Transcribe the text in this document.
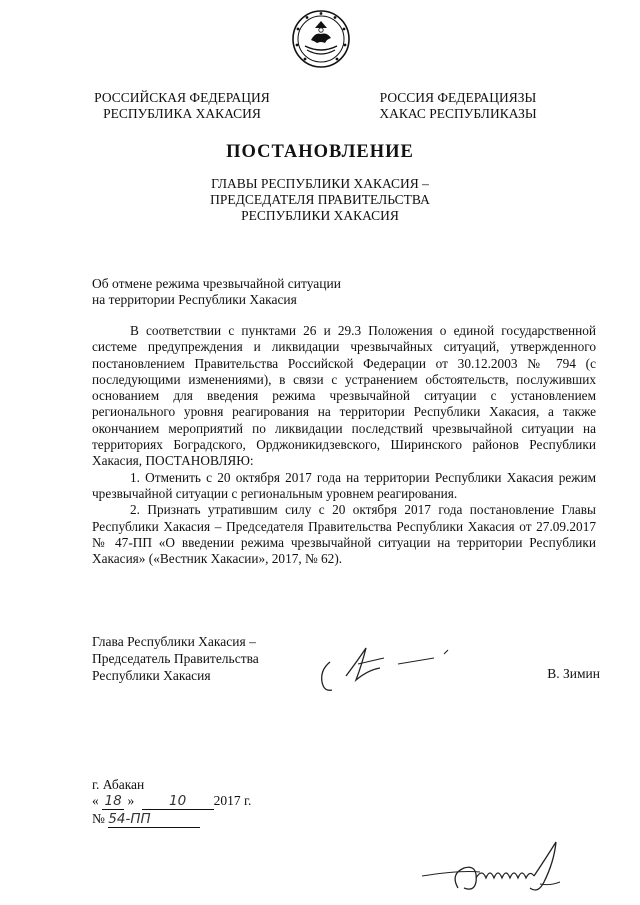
РОССИЙСКАЯ ФЕДЕРАЦИЯ
РЕСПУБЛИКА ХАКАСИЯ
РОССИЯ ФЕДЕРАЦИЯЗЫ
ХАКАС РЕСПУБЛИКАЗЫ
ПОСТАНОВЛЕНИЕ
ГЛАВЫ РЕСПУБЛИКИ ХАКАСИЯ –
ПРЕДСЕДАТЕЛЯ ПРАВИТЕЛЬСТВА
РЕСПУБЛИКИ ХАКАСИЯ
Об отмене режима чрезвычайной ситуации
на территории Республики Хакасия

В соответствии с пунктами 26 и 29.3 Положения о единой государственной системе предупреждения и ликвидации чрезвычайных ситуаций, утвержденного постановлением Правительства Российской Федерации от 30.12.2003 № 794 (с последующими изменениями), в связи с устранением обстоятельств, послуживших основанием для введения режима чрезвычайной ситуации с установлением регионального уровня реагирования на территории Республики Хакасия, а также окончанием мероприятий по ликвидации последствий чрезвычайной ситуации на территориях Боградского, Орджоникидзевского, Ширинского районов Республики Хакасия, ПОСТАНОВЛЯЮ:

1. Отменить с 20 октября 2017 года на территории Республики Хакасия режим чрезвычайной ситуации с региональным уровнем реагирования.

2. Признать утратившим силу с 20 октября 2017 года постановление Главы Республики Хакасия – Председателя Правительства Республики Хакасия от 27.09.2017 № 47-ПП «О введении режима чрезвычайной ситуации на территории Республики Хакасия» («Вестник Хакасии», 2017, № 62).

Глава Республики Хакасия –
Председатель Правительства
Республики Хакасия	В. Зимин
г. Абакан
« 18 »	10 2017 г.
№ 54-ПП
